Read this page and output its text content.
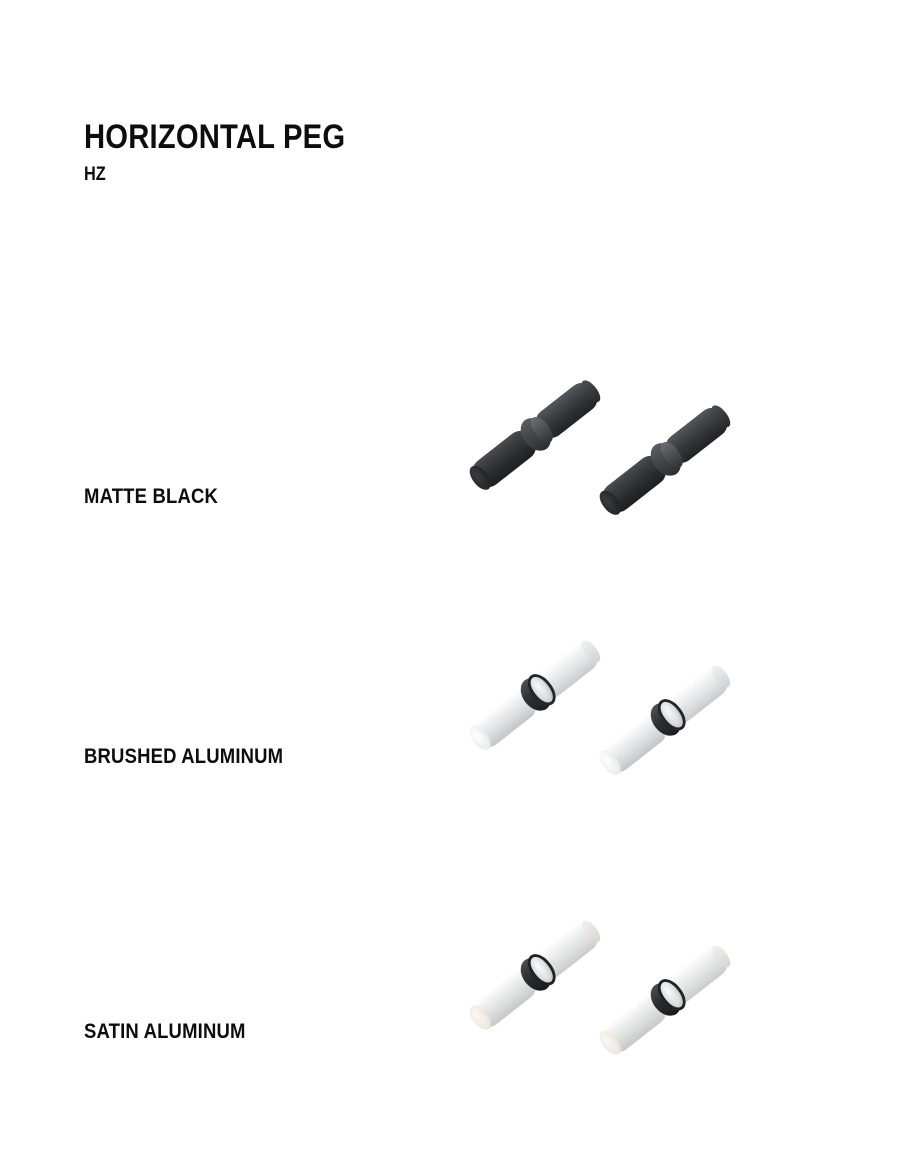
HORIZONTAL PEG
HZ
MATTE BLACK
BRUSHED ALUMINUM
SATIN ALUMINUM
